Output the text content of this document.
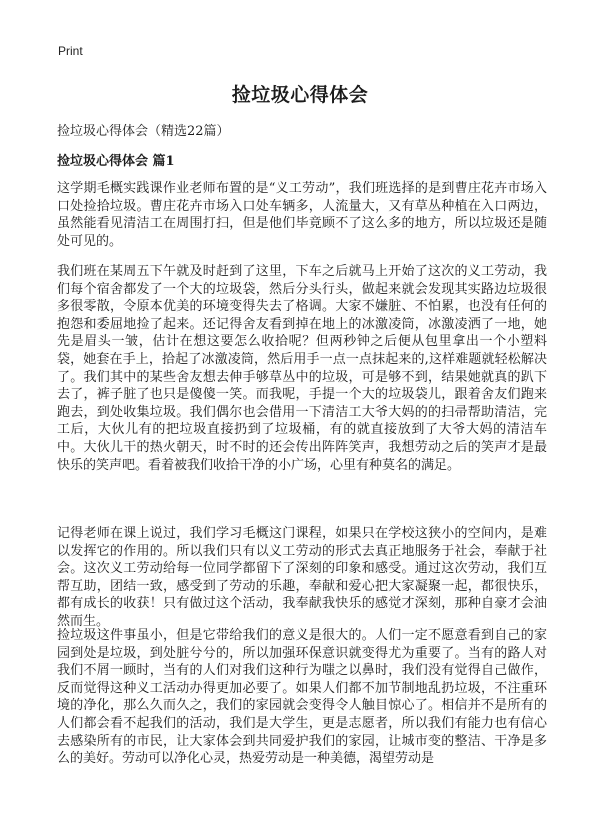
Print
捡垃圾心得体会
捡垃圾心得体会（精选22篇）
捡垃圾心得体会 篇1

这学期毛概实践课作业老师布置的是“义工劳动”，我们班选择的是到曹庄花卉市场入口处捡拾垃圾。曹庄花卉市场入口处车辆多，人流量大，又有草丛种植在入口两边，虽然能看见清洁工在周围打扫，但是他们毕竟顾不了这么多的地方，所以垃圾还是随处可见的。

我们班在某周五下午就及时赶到了这里，下车之后就马上开始了这次的义工劳动，我们每个宿舍都发了一个大的垃圾袋，然后分头行头，做起来就会发现其实路边垃圾很多很零散，令原本优美的环境变得失去了格调。大家不嫌脏、不怕累，也没有任何的抱怨和委屈地捡了起来。还记得舍友看到掉在地上的冰激凌筒，冰激凌洒了一地，她先是眉头一皱，估计在想这要怎么收拾呢？但两秒钟之后便从包里拿出一个小塑料袋，她套在手上，拾起了冰激凌筒，然后用手一点一点抹起来的,这样难题就轻松解决了。我们其中的某些舍友想去伸手够草丛中的垃圾，可是够不到，结果她就真的趴下去了，裤子脏了也只是傻傻一笑。而我呢，手提一个大的垃圾袋儿，跟着舍友们跑来跑去，到处收集垃圾。我们偶尔也会借用一下清洁工大爷大妈的的扫帚帮助清洁，完工后，大伙儿有的把垃圾直接扔到了垃圾桶，有的就直接放到了大爷大妈的清洁车中。大伙儿干的热火朝天，时不时的还会传出阵阵笑声，我想劳动之后的笑声才是最快乐的笑声吧。看着被我们收拾干净的小广场，心里有种莫名的满足。

记得老师在课上说过，我们学习毛概这门课程，如果只在学校这狭小的空间内，是难以发挥它的作用的。所以我们只有以义工劳动的形式去真正地服务于社会，奉献于社会。这次义工劳动给每一位同学都留下了深刻的印象和感受。通过这次劳动，我们互帮互助，团结一致，感受到了劳动的乐趣，奉献和爱心把大家凝聚一起，都很快乐，都有成长的收获！只有做过这个活动，我奉献我快乐的感觉才深刻，那种自豪才会油然而生。

捡垃圾这件事虽小，但是它带给我们的意义是很大的。人们一定不愿意看到自己的家园到处是垃圾，到处脏兮兮的，所以加强环保意识就变得尤为重要了。当有的路人对我们不屑一顾时，当有的人们对我们这种行为嗤之以鼻时，我们没有觉得自己做作，反而觉得这种义工活动办得更加必要了。如果人们都不加节制地乱扔垃圾，不注重环境的净化，那么久而久之，我们的家园就会变得令人触目惊心了。相信并不是所有的人们都会看不起我们的活动，我们是大学生，更是志愿者，所以我们有能力也有信心去感染所有的市民，让大家体会到共同爱护我们的家园，让城市变的整洁、干净是多么的美好。劳动可以净化心灵，热爱劳动是一种美德，渴望劳动是
